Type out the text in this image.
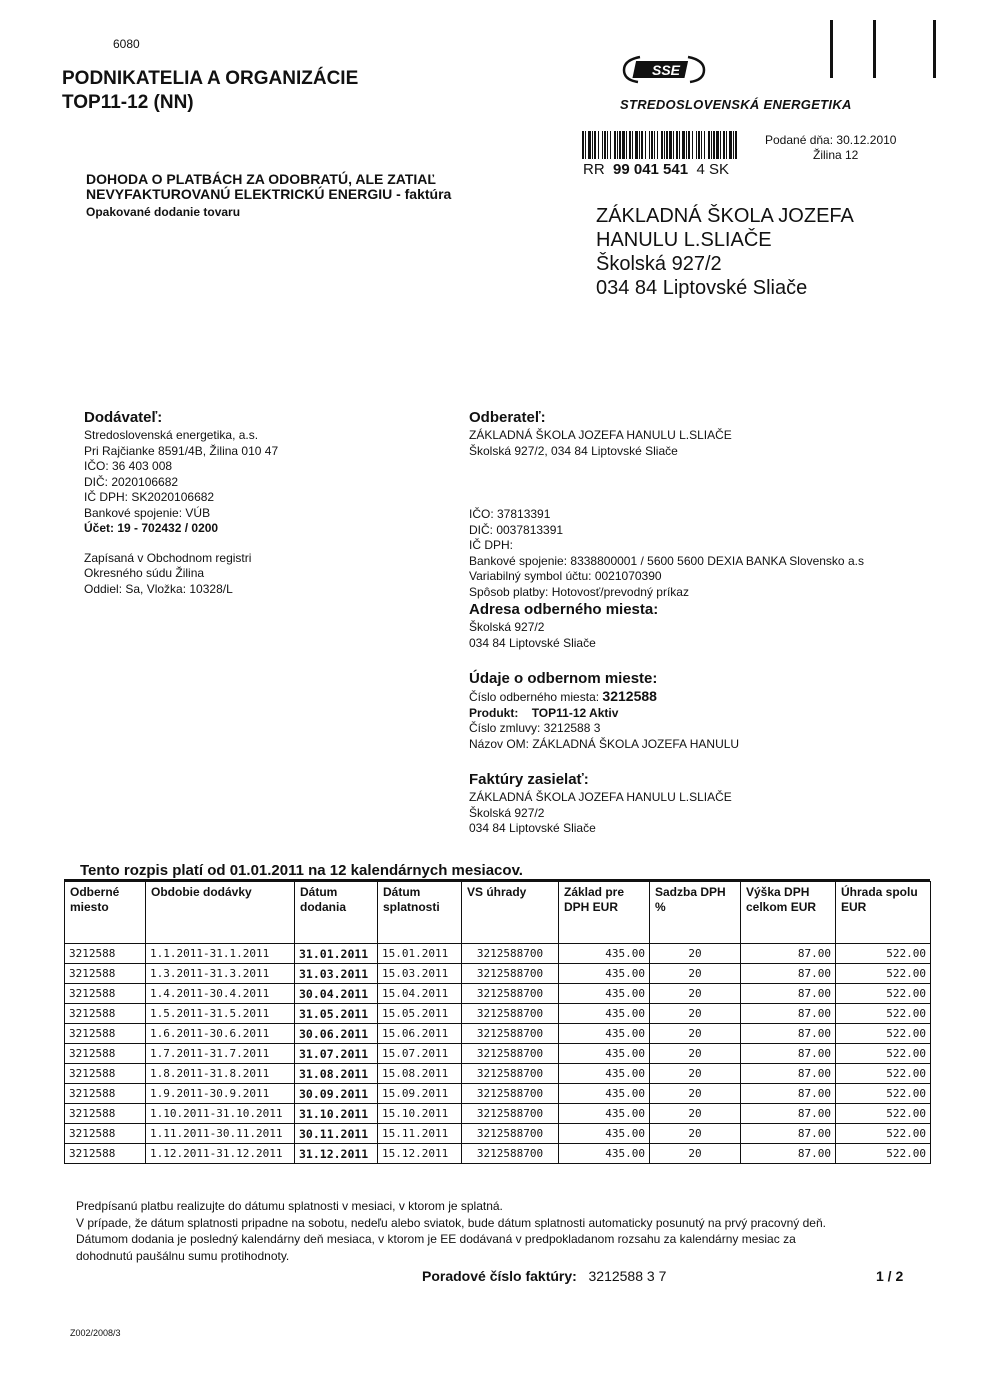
6080
PODNIKATELIA A ORGANIZÁCIE
TOP11-12 (NN)
SSE
STREDOSLOVENSKÁ ENERGETIKA
RR 99 041 541 4 SK
Podané dňa: 30.12.2010
Žilina 12
DOHODA O PLATBÁCH ZA ODOBRATÚ, ALE ZATIAĽ
NEVYFAKTUROVANÚ ELEKTRICKÚ ENERGIU - faktúra
Opakované dodanie tovaru	ZÁKLADNÁ ŠKOLA JOZEFA
HANULU L.SLIAČE
Školská 927/2
034 84 Liptovské Sliače
Dodávateľ:
Stredoslovenská energetika, a.s.
Pri Rajčianke 8591/4B, Žilina 010 47
IČO: 36 403 008
DIČ: 2020106682
IČ DPH: SK2020106682
Bankové spojenie: VÚB
Účet: 19 - 702432 / 0200
Zapísaná v Obchodnom registri
Okresného súdu Žilina
Oddiel: Sa, Vložka: 10328/L
Odberateľ:
ZÁKLADNÁ ŠKOLA JOZEFA HANULU L.SLIAČE
Školská 927/2, 034 84 Liptovské Sliače
IČO: 37813391
DIČ: 0037813391
IČ DPH:
Bankové spojenie: 8338800001 / 5600 5600 DEXIA BANKA Slovensko a.s
Variabilný symbol účtu: 0021070390
Spôsob platby: Hotovosť/prevodný príkaz
Adresa odberného miesta:
Školská 927/2
034 84 Liptovské Sliače
Údaje o odbernom mieste:
Číslo odberného miesta: 3212588
Produkt: TOP11-12 Aktiv
Číslo zmluvy: 3212588 3
Názov OM: ZÁKLADNÁ ŠKOLA JOZEFA HANULU
Faktúry zasielať:
ZÁKLADNÁ ŠKOLA JOZEFA HANULU L.SLIAČE
Školská 927/2
034 84 Liptovské Sliače
Tento rozpis platí od 01.01.2011 na 12 kalendárnych mesiacov.
Odberné miesto	Obdobie dodávky	Dátum dodania	Dátum splatnosti	VS úhrady	Základ pre DPH EUR	Sadzba DPH %	Výška DPH celkom EUR	Úhrada spolu EUR
3212588	1.1.2011-31.1.2011	31.01.2011	15.01.2011	3212588700	435.00	20	87.00	522.00
3212588	1.3.2011-31.3.2011	31.03.2011	15.03.2011	3212588700	435.00	20	87.00	522.00
3212588	1.4.2011-30.4.2011	30.04.2011	15.04.2011	3212588700	435.00	20	87.00	522.00
3212588	1.5.2011-31.5.2011	31.05.2011	15.05.2011	3212588700	435.00	20	87.00	522.00
3212588	1.6.2011-30.6.2011	30.06.2011	15.06.2011	3212588700	435.00	20	87.00	522.00
3212588	1.7.2011-31.7.2011	31.07.2011	15.07.2011	3212588700	435.00	20	87.00	522.00
3212588	1.8.2011-31.8.2011	31.08.2011	15.08.2011	3212588700	435.00	20	87.00	522.00
3212588	1.9.2011-30.9.2011	30.09.2011	15.09.2011	3212588700	435.00	20	87.00	522.00
3212588	1.10.2011-31.10.2011	31.10.2011	15.10.2011	3212588700	435.00	20	87.00	522.00
3212588	1.11.2011-30.11.2011	30.11.2011	15.11.2011	3212588700	435.00	20	87.00	522.00
3212588	1.12.2011-31.12.2011	31.12.2011	15.12.2011	3212588700	435.00	20	87.00	522.00
Predpísanú platbu realizujte do dátumu splatnosti v mesiaci, v ktorom je splatná.
V prípade, že dátum splatnosti pripadne na sobotu, nedeľu alebo sviatok, bude dátum splatnosti automaticky posunutý na prvý pracovný deň.
Dátumom dodania je posledný kalendárny deň mesiaca, v ktorom je EE dodávaná v predpokladanom rozsahu za kalendárny mesiac za
dohodnutú paušálnu sumu protihodnoty.
Poradové číslo faktúry: 3212588 3 7	1 / 2
Z002/2008/3
